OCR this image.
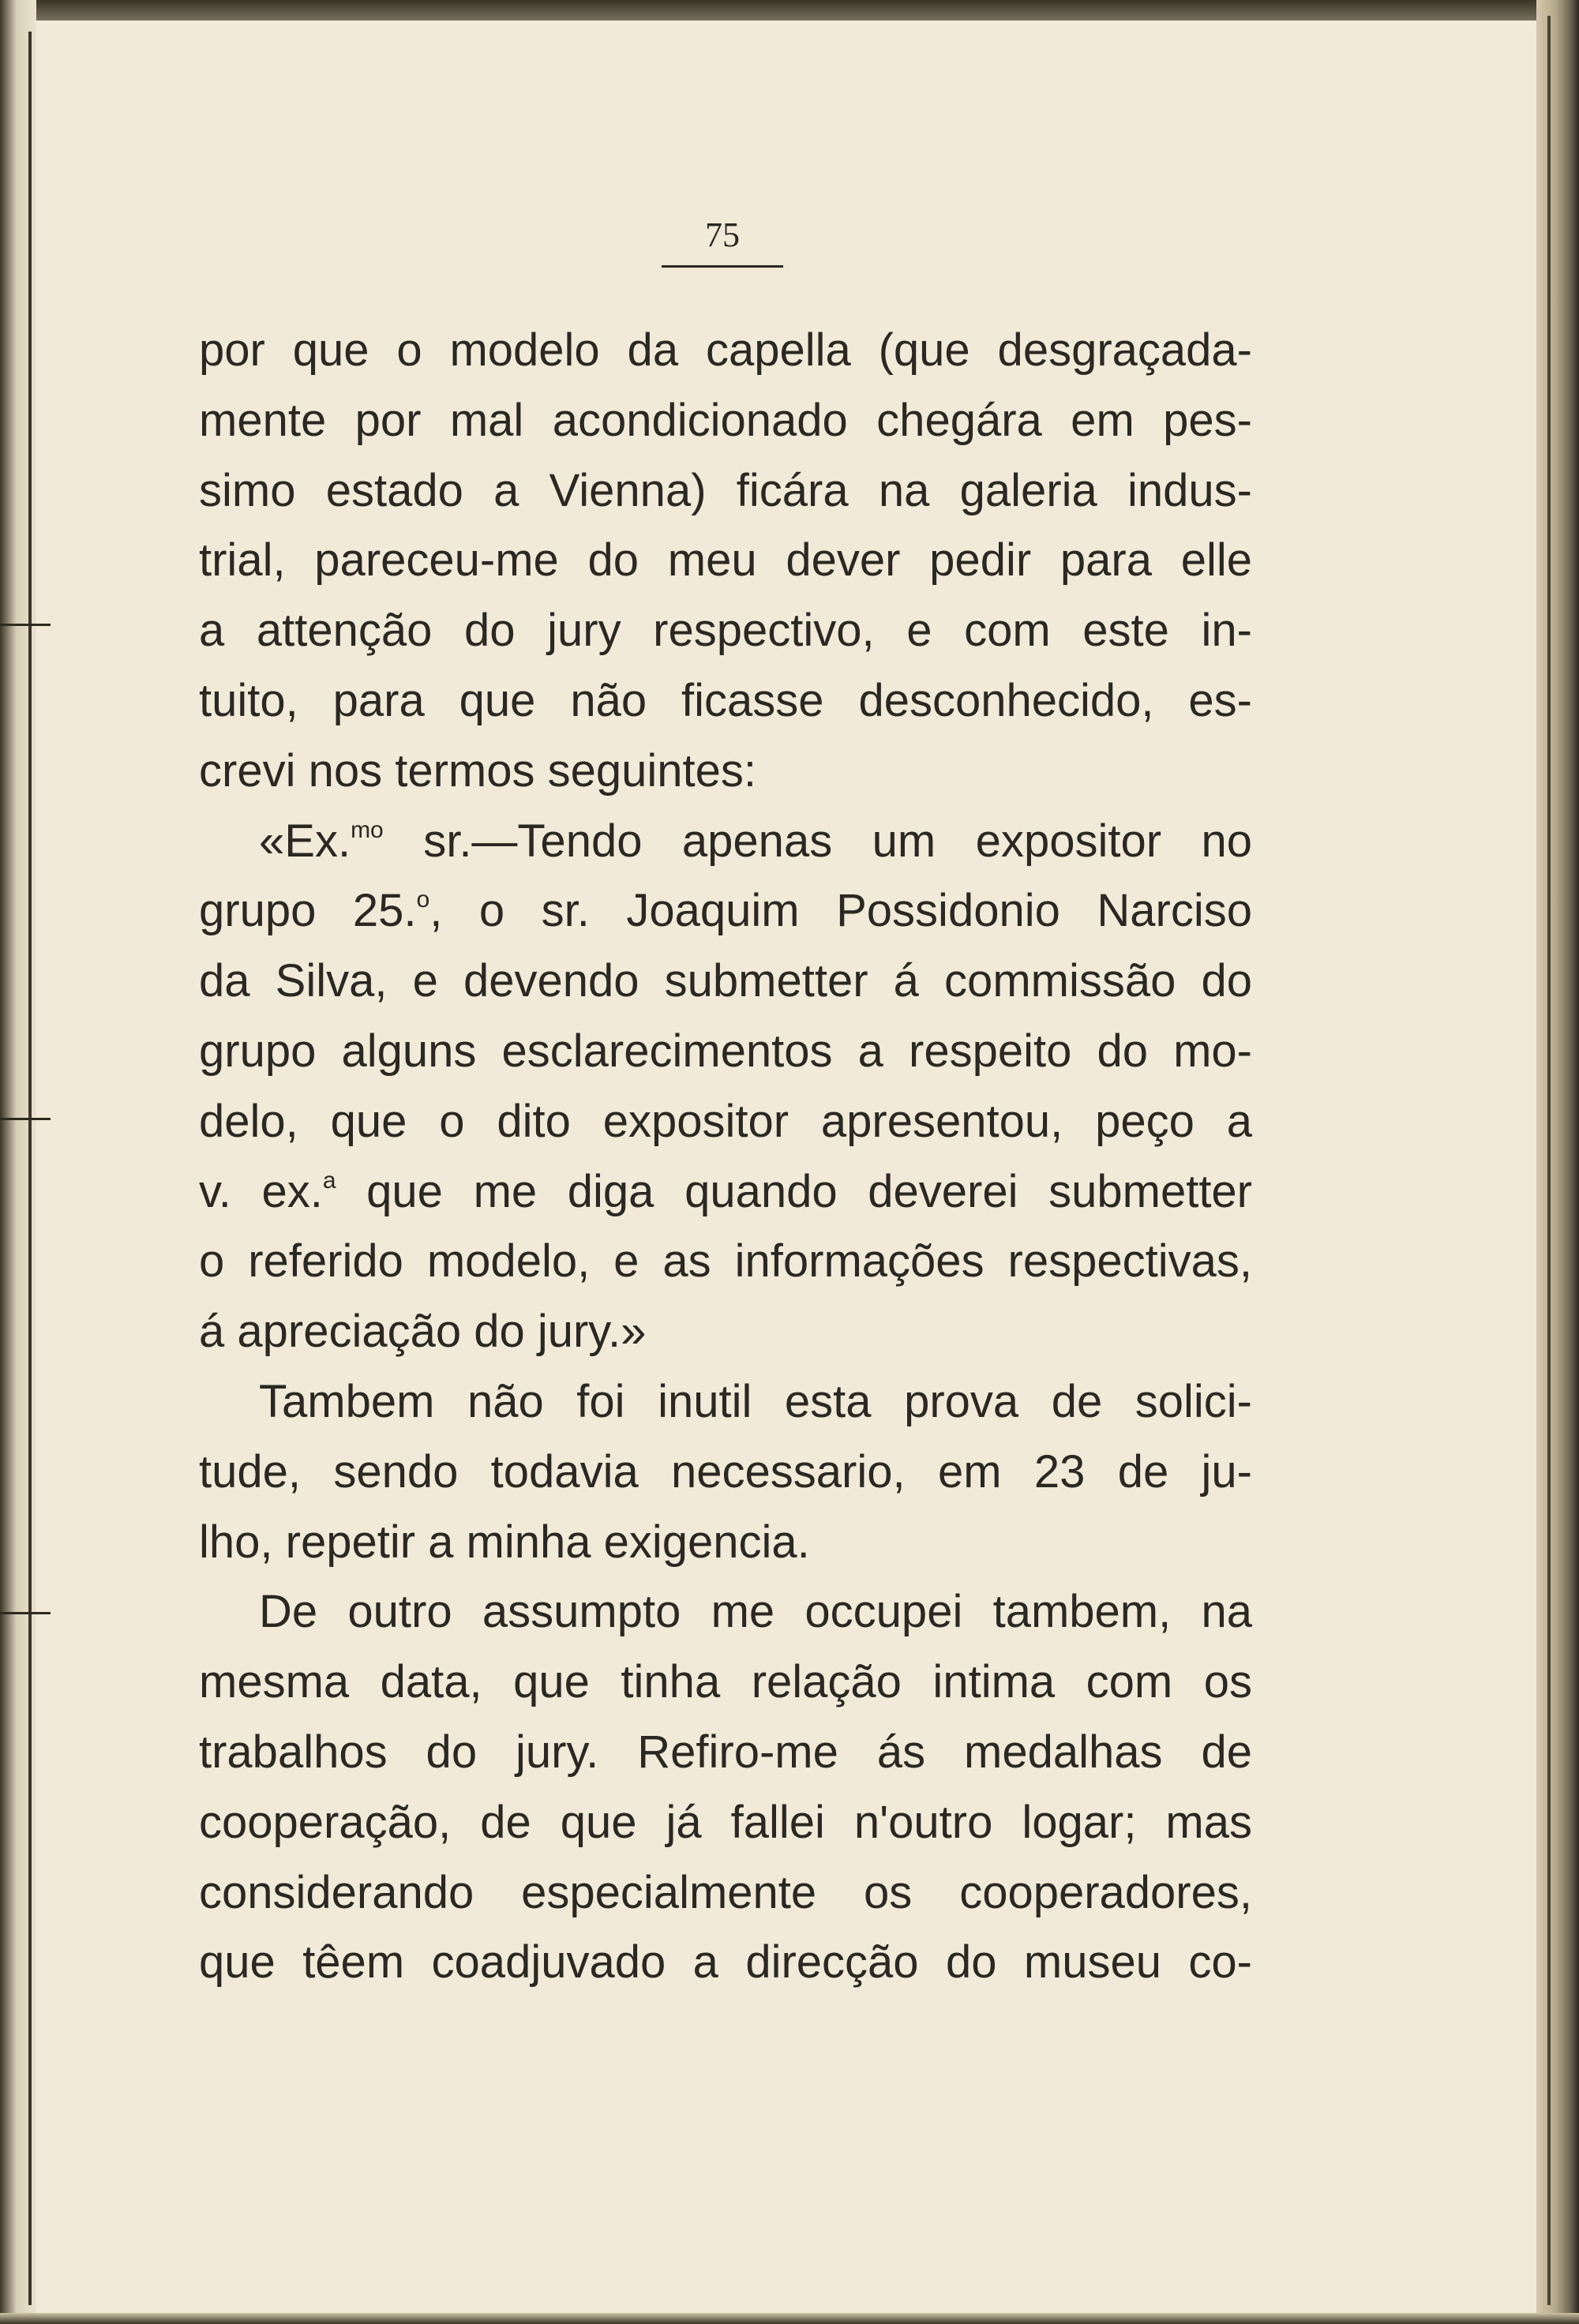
75

por que o modelo da capella (que desgraçada-
mente por mal acondicionado chegára em pes-
simo estado a Vienna) ficára na galeria indus-
trial, pareceu-me do meu dever pedir para elle
a attenção do jury respectivo, e com este in-
tuito, para que não ficasse desconhecido, es-
crevi nos termos seguintes:
«Ex.$^{mo}$ sr.—Tendo apenas um expositor no
grupo 25.$^o$, o sr. Joaquim Possidonio Narciso
da Silva, e devendo submetter á commissão do
grupo alguns esclarecimentos a respeito do mo-
delo, que o dito expositor apresentou, peço a
v. ex.$^a$ que me diga quando deverei submetter
o referido modelo, e as informações respectivas,
á apreciação do jury.»
Tambem não foi inutil esta prova de solici-
tude, sendo todavia necessario, em 23 de ju-
lho, repetir a minha exigencia.
De outro assumpto me occupei tambem, na
mesma data, que tinha relação intima com os
trabalhos do jury. Refiro-me ás medalhas de
cooperação, de que já fallei n'outro logar; mas
considerando especialmente os cooperadores,
que têem coadjuvado a direcção do museu co-
